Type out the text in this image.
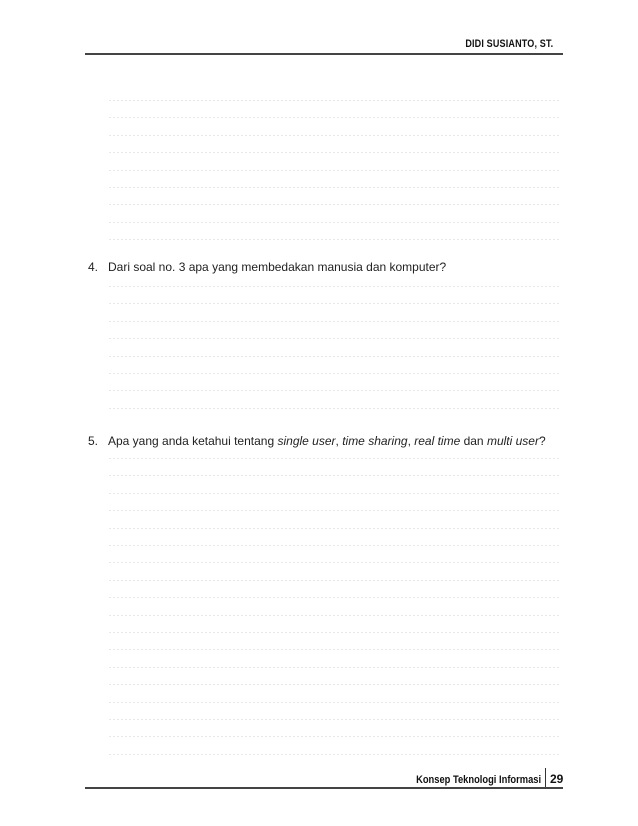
DIDI SUSIANTO, ST.
4. Dari soal no. 3 apa yang membedakan manusia dan komputer?
5. Apa yang anda ketahui tentang single user, time sharing, real time dan multi user?
Konsep Teknologi Informasi 29
